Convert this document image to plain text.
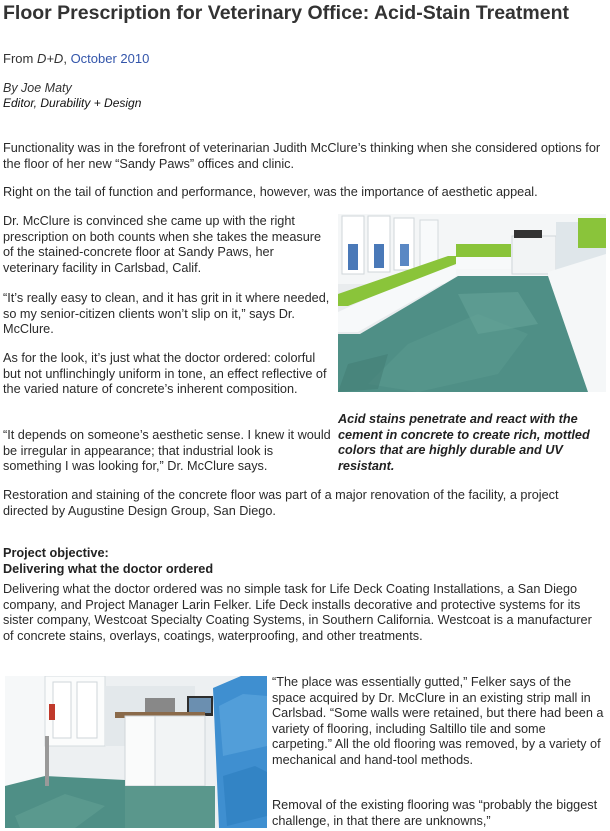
Floor Prescription for Veterinary Office: Acid-Stain Treatment
From D+D, October 2010
By Joe Maty
Editor, Durability + Design

Functionality was in the forefront of veterinarian Judith McClure’s thinking when she considered options for the floor of her new “Sandy Paws” offices and clinic.

Right on the tail of function and performance, however, was the importance of aesthetic appeal.

Dr. McClure is convinced she came up with the right prescription on both counts when she takes the measure of the stained-concrete floor at Sandy Paws, her veterinary facility in Carlsbad, Calif.

“It’s really easy to clean, and it has grit in it where needed, so my senior-citizen clients won’t slip on it,” says Dr. McClure.

As for the look, it’s just what the doctor ordered: colorful but not unflinchingly uniform in tone, an effect reflective of the varied nature of concrete’s inherent composition.

“It depends on someone’s aesthetic sense. I knew it would be irregular in appearance; that industrial look is something I was looking for,” Dr. McClure says.

Acid stains penetrate and react with the cement in concrete to create rich, mottled colors that are highly durable and UV resistant.

Restoration and staining of the concrete floor was part of a major renovation of the facility, a project directed by Augustine Design Group, San Diego.

Project objective:
Delivering what the doctor ordered

Delivering what the doctor ordered was no simple task for Life Deck Coating Installations, a San Diego company, and Project Manager Larin Felker. Life Deck installs decorative and protective systems for its sister company, Westcoat Specialty Coating Systems, in Southern California. Westcoat is a manufacturer of concrete stains, overlays, coatings, waterproofing, and other treatments.

“The place was essentially gutted,” Felker says of the space acquired by Dr. McClure in an existing strip mall in Carlsbad. “Some walls were retained, but there had been a variety of flooring, including Saltillo tile and some carpeting.” All the old flooring was removed, by a variety of mechanical and hand-tool methods.

Removal of the existing flooring was “probably the biggest challenge, in that there are unknowns,”
